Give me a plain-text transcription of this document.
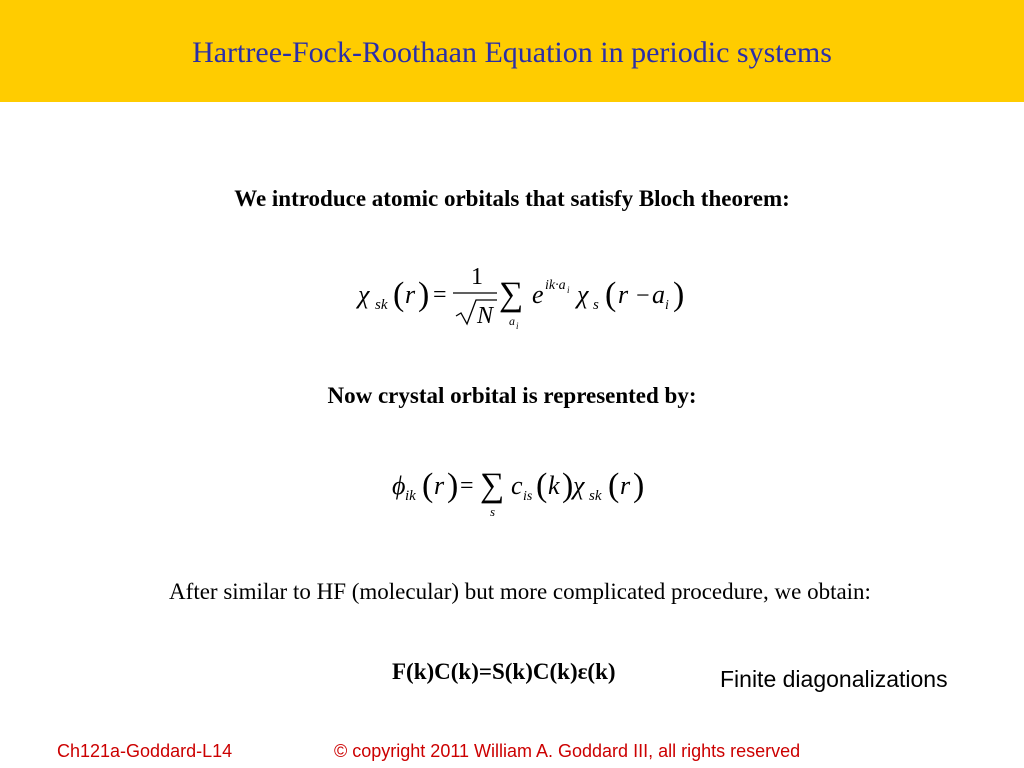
Hartree-Fock-Roothaan Equation in periodic systems
We introduce atomic orbitals that satisfy Bloch theorem:
χ sk ( r ) =
1
N
∑
a i
e ik·a i χ s ( r − a i )
Now crystal orbital is represented by:
ϕ ik ( r ) = ∑
s
c is ( k ) χ sk ( r )
After similar to HF (molecular) but more complicated procedure, we obtain:
F(k)C(k)=S(k)C(k)ε(k)	Finite diagonalizations
Ch121a-Goddard-L14	© copyright 2011 William A. Goddard III, all rights reserved
